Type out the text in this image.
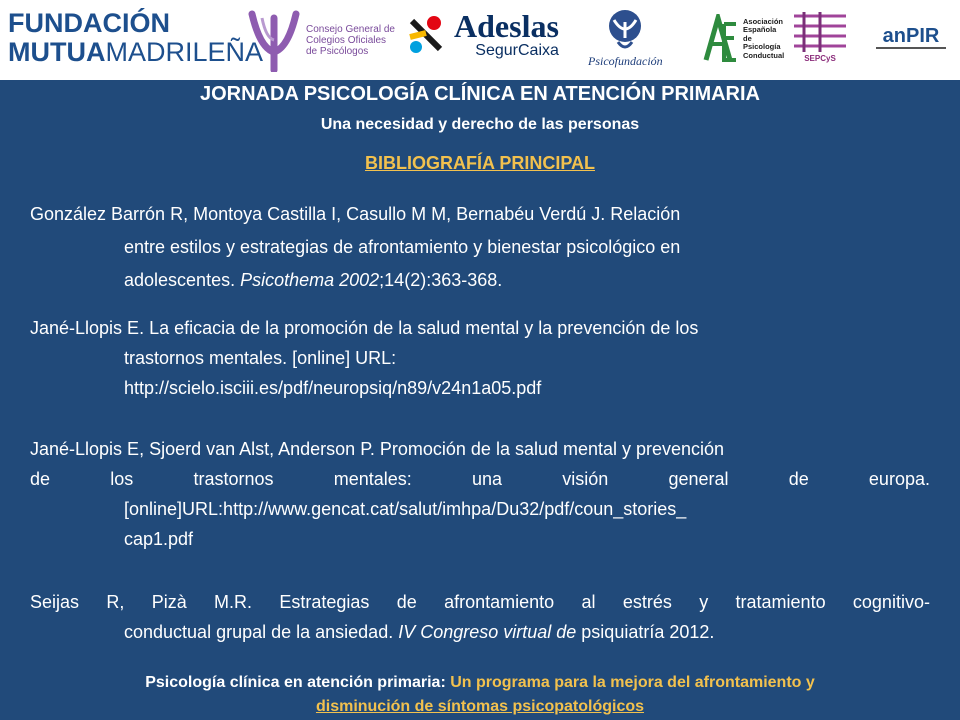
FUNDACIÓN
MUTUAMADRILEÑA
Consejo General de
Colegios Oficiales
de Psicólogos
Adeslas
SegurCaixa
Psicofundación
Asociación
Española
de
Psicología
Conductual SEPCyS
anPIR
JORNADA PSICOLOGÍA CLÍNICA EN ATENCIÓN PRIMARIA
Una necesidad y derecho de las personas
BIBLIOGRAFÍA PRINCIPAL
González Barrón R, Montoya Castilla I, Casullo M M, Bernabéu Verdú J. Relación
entre estilos y estrategias de afrontamiento y bienestar psicológico en
adolescentes. Psicothema 2002;14(2):363-368.
Jané-Llopis E. La eficacia de la promoción de la salud mental y la prevención de los
trastornos mentales. [online] URL:
http://scielo.isciii.es/pdf/neuropsiq/n89/v24n1a05.pdf
Jané-Llopis E, Sjoerd van Alst, Anderson P. Promoción de la salud mental y prevención
de	los	trastornos	mentales:	una	visión	general	de	europa.
[online]URL:http://www.gencat.cat/salut/imhpa/Du32/pdf/coun_stories_
cap1.pdf
Seijas R, Pizà M.R. Estrategias de afrontamiento al estrés y tratamiento cognitivo-
conductual grupal de la ansiedad. IV Congreso virtual de psiquiatría 2012.
Psicología clínica en atención primaria: Un programa para la mejora del afrontamiento y
disminución de síntomas psicopatológicos
